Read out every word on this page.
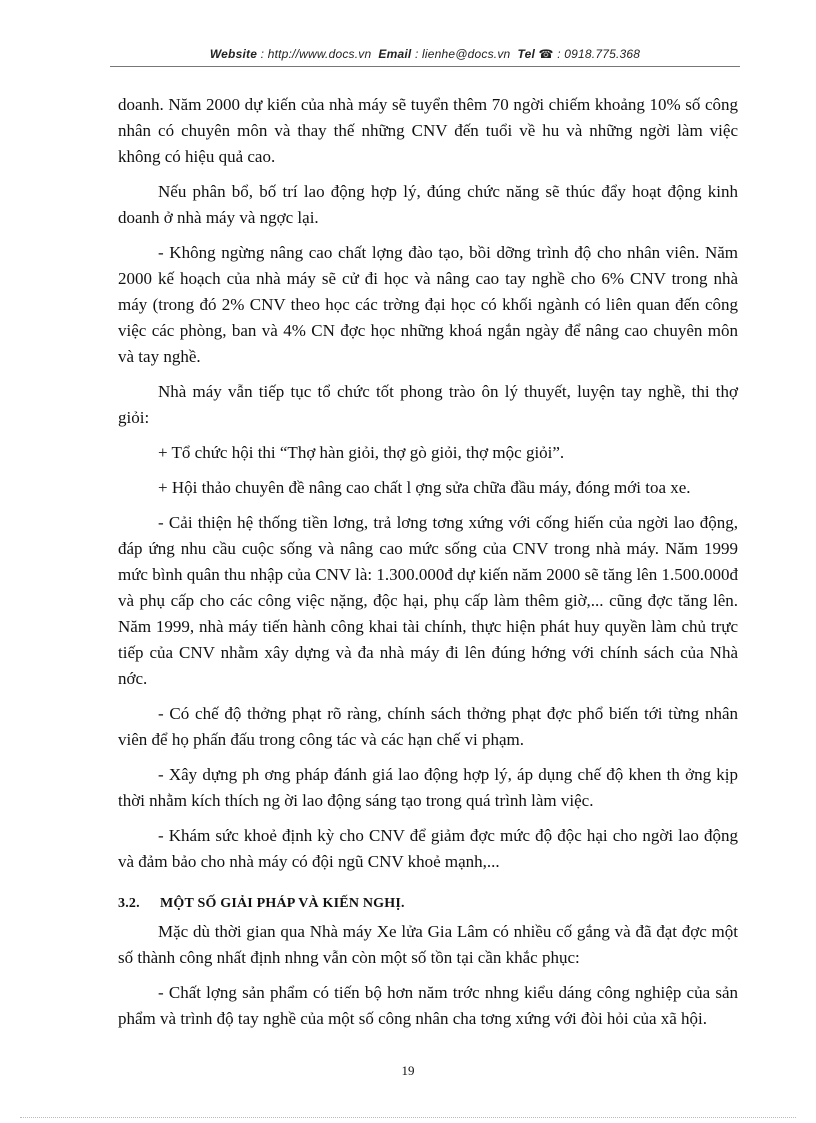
Website : http://www.docs.vn Email : lienhe@docs.vn Tel ☎ : 0918.775.368

doanh. Năm 2000 dự kiến của nhà máy sẽ tuyển thêm 70 ngời chiếm khoảng 10% số công nhân có chuyên môn và thay thế những CNV đến tuổi về hu và những ngời làm việc không có hiệu quả cao.

Nếu phân bổ, bố trí lao động hợp lý, đúng chức năng sẽ thúc đẩy hoạt động kinh doanh ở nhà máy và ngợc lại.

- Không ngừng nâng cao chất lợng đào tạo, bồi dỡng trình độ cho nhân viên. Năm 2000 kế hoạch của nhà máy sẽ cử đi học và nâng cao tay nghề cho 6% CNV trong nhà máy (trong đó 2% CNV theo học các trờng đại học có khối ngành có liên quan đến công việc các phòng, ban và 4% CN đợc học những khoá ngắn ngày để nâng cao chuyên môn và tay nghề.

Nhà máy vẫn tiếp tục tổ chức tốt phong trào ôn lý thuyết, luyện tay nghề, thi thợ giỏi:

+ Tổ chức hội thi “Thợ hàn giỏi, thợ gò giỏi, thợ mộc giỏi”.

+ Hội thảo chuyên đề nâng cao chất l ợng sửa chữa đầu máy, đóng mới toa xe.

- Cải thiện hệ thống tiền lơng, trả lơng tơng xứng với cống hiến của ngời lao động, đáp ứng nhu cầu cuộc sống và nâng cao mức sống của CNV trong nhà máy. Năm 1999 mức bình quân thu nhập của CNV là: 1.300.000đ dự kiến năm 2000 sẽ tăng lên 1.500.000đ và phụ cấp cho các công việc nặng, độc hại, phụ cấp làm thêm giờ,... cũng đợc tăng lên. Năm 1999, nhà máy tiến hành công khai tài chính, thực hiện phát huy quyền làm chủ trực tiếp của CNV nhằm xây dựng và đa nhà máy đi lên đúng hớng với chính sách của Nhà nớc.

- Có chế độ thởng phạt rõ ràng, chính sách thởng phạt đợc phổ biến tới từng nhân viên để họ phấn đấu trong công tác và các hạn chế vi phạm.

- Xây dựng ph ơng pháp đánh giá lao động hợp lý, áp dụng chế độ khen th ởng kịp thời nhằm kích thích ng ời lao động sáng tạo trong quá trình làm việc.

- Khám sức khoẻ định kỳ cho CNV để giảm đợc mức độ độc hại cho ngời lao động và đảm bảo cho nhà máy có đội ngũ CNV khoẻ mạnh,...

3.2. MỘT SỐ GIẢI PHÁP VÀ KIẾN NGHỊ.

Mặc dù thời gian qua Nhà máy Xe lửa Gia Lâm có nhiều cố gắng và đã đạt đợc một số thành công nhất định nhng vẫn còn một số tồn tại cần khắc phục:

- Chất lợng sản phẩm có tiến bộ hơn năm trớc nhng kiểu dáng công nghiệp của sản phẩm và trình độ tay nghề của một số công nhân cha tơng xứng với đòi hỏi của xã hội.

19
